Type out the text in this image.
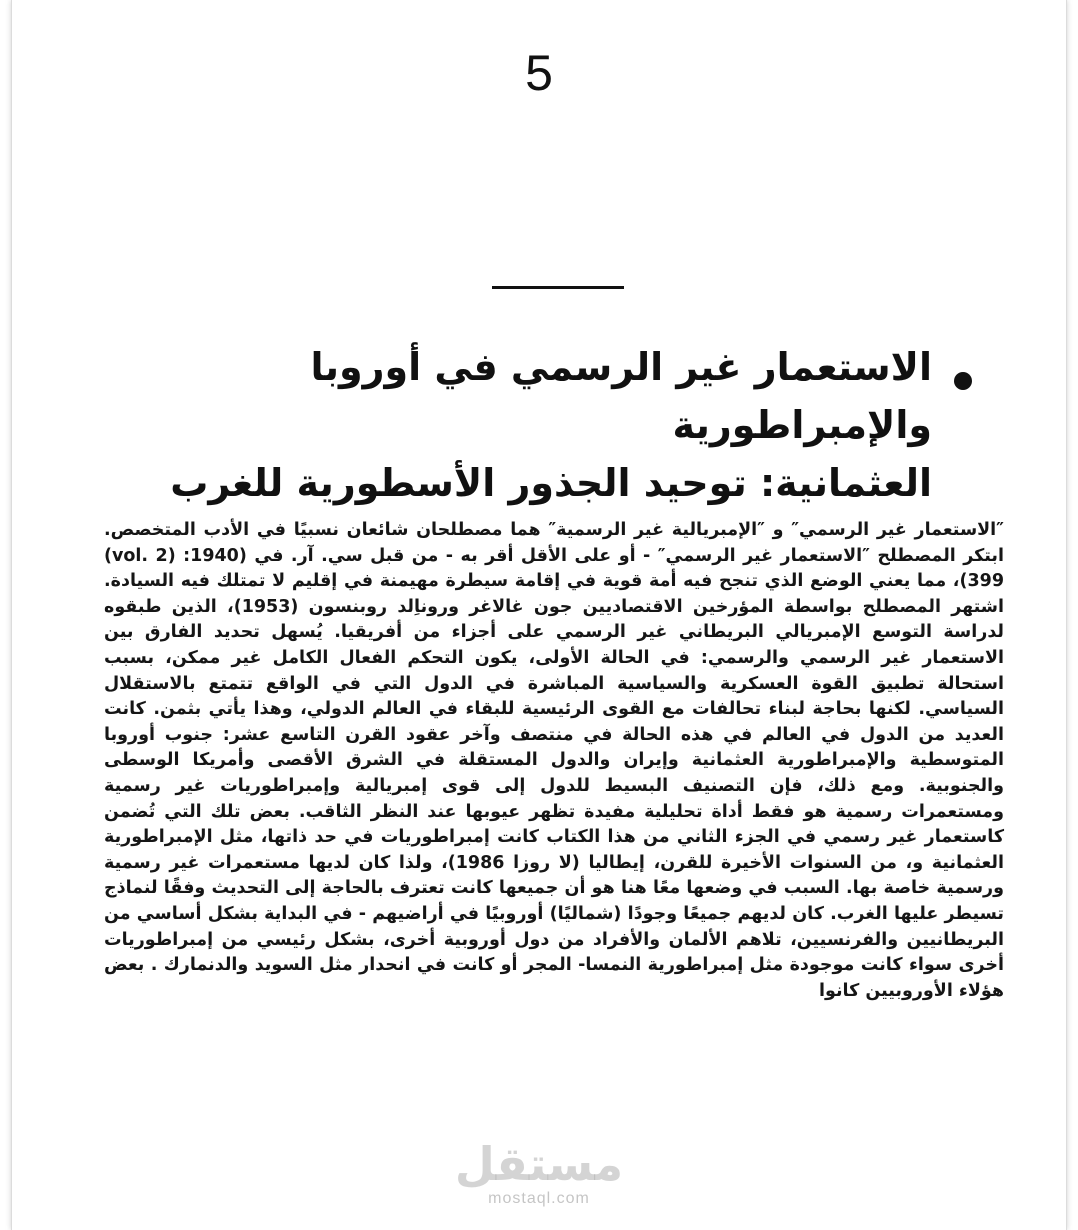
5
الاستعمار غير الرسمي في أوروبا والإمبراطورية
العثمانية: توحيد الجذور الأسطورية للغرب

″الاستعمار غير الرسمي″ و ″الإمبريالية غير الرسمية″ هما مصطلحان شائعان نسبيًا في الأدب المتخصص. ابتكر المصطلح ″الاستعمار غير الرسمي″ - أو على الأقل أقر به - من قبل سي. آر. في (1940: (vol. 2) 399)، مما يعني الوضع الذي تنجح فيه أمة قوية في إقامة سيطرة مهيمنة في إقليم لا تمتلك فيه السيادة. اشتهر المصطلح بواسطة المؤرخين الاقتصاديين جون غالاغر وروناِلد روبنسون (1953)، الذين طبقوه لدراسة التوسع الإمبريالي البريطاني غير الرسمي على أجزاء من أفريقيا. يُسهل تحديد الفارق بين الاستعمار غير الرسمي والرسمي: في الحالة الأولى، يكون التحكم الفعال الكامل غير ممكن، بسبب استحالة تطبيق القوة العسكرية والسياسية المباشرة في الدول التي في الواقع تتمتع بالاستقلال السياسي. لكنها بحاجة لبناء تحالفات مع القوى الرئيسية للبقاء في العالم الدولي، وهذا يأتي بثمن. كانت العديد من الدول في العالم في هذه الحالة في منتصف وآخر عقود القرن التاسع عشر: جنوب أوروبا المتوسطية والإمبراطورية العثمانية وإيران والدول المستقلة في الشرق الأقصى وأمريكا الوسطى والجنوبية. ومع ذلك، فإن التصنيف البسيط للدول إلى قوى إمبريالية وإمبراطوريات غير رسمية ومستعمرات رسمية هو فقط أداة تحليلية مفيدة تظهر عيوبها عند النظر الثاقب. بعض تلك التي تُضمن كاستعمار غير رسمي في الجزء الثاني من هذا الكتاب كانت إمبراطوريات في حد ذاتها، مثل الإمبراطورية العثمانية و، من السنوات الأخيرة للقرن، إيطاليا (لا روزا 1986)، ولذا كان لديها مستعمرات غير رسمية ورسمية خاصة بها. السبب في وضعها معًا هنا هو أن جميعها كانت تعترف بالحاجة إلى التحديث وفقًا لنماذج تسيطر عليها الغرب. كان لديهم جميعًا وجودًا (شماليًا) أوروبيًا في أراضيهم - في البداية بشكل أساسي من البريطانيين والفرنسيين، تلاهم الألمان والأفراد من دول أوروبية أخرى، بشكل رئيسي من إمبراطوريات أخرى سواء كانت موجودة مثل إمبراطورية النمسا- المجر أو كانت في انحدار مثل السويد والدنمارك . بعض هؤلاء الأوروبيين كانوا

مستقل
mostaql.com
